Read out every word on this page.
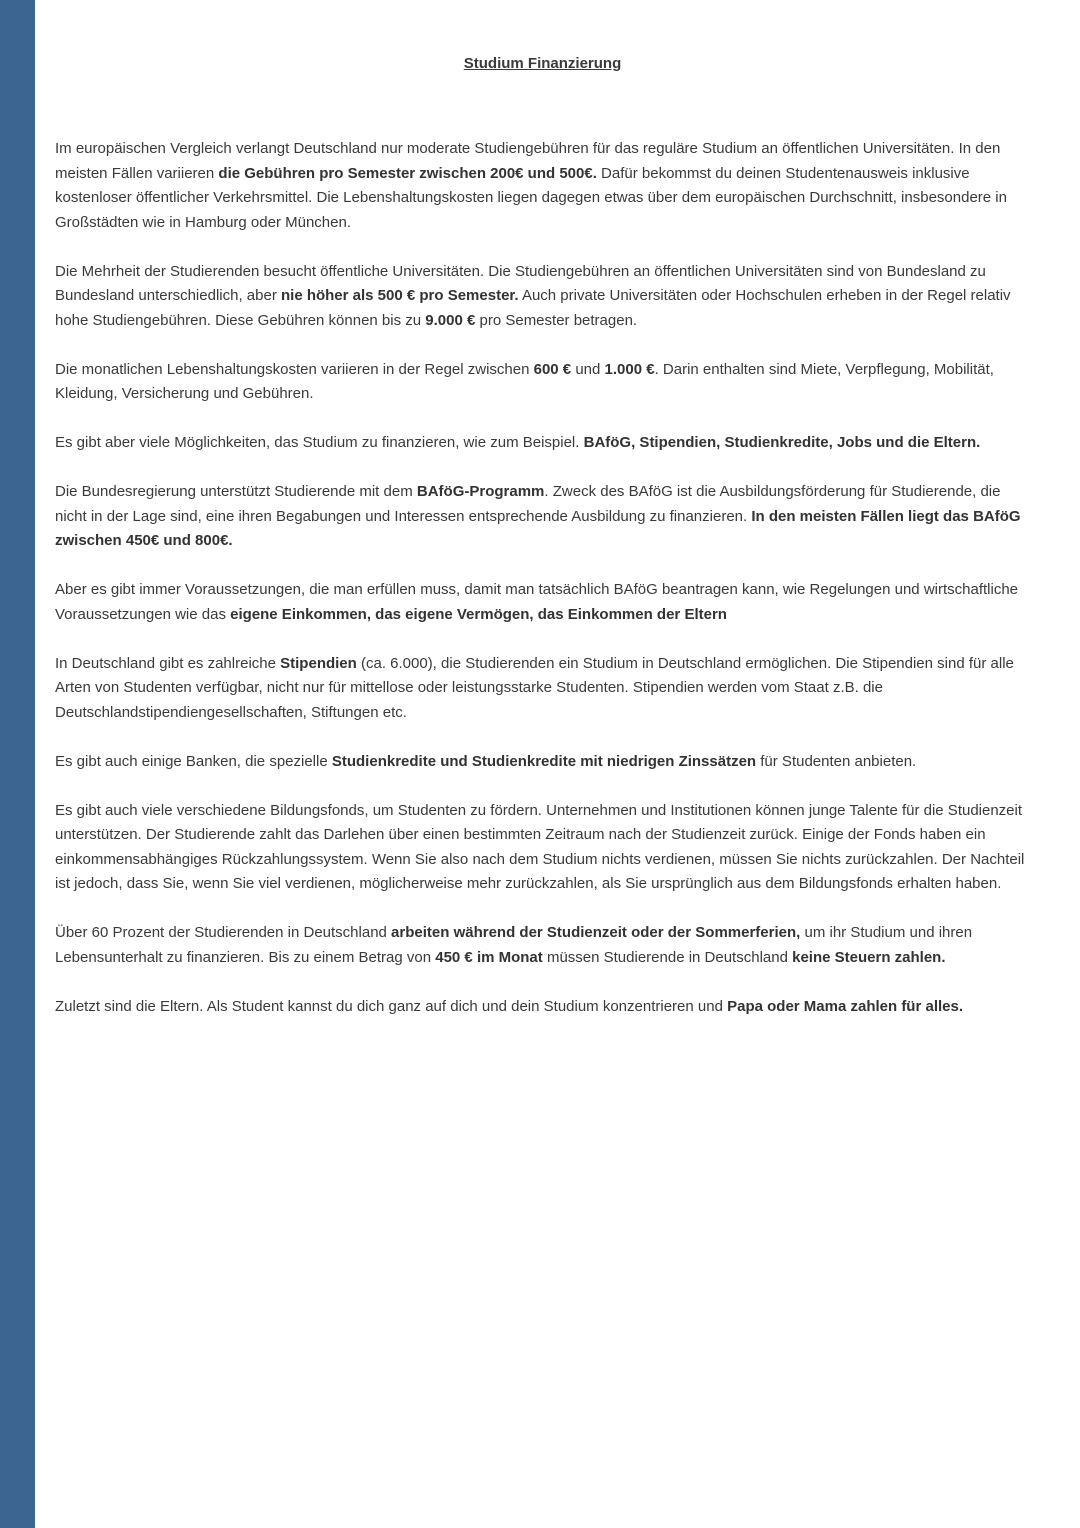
Studium Finanzierung

Im europäischen Vergleich verlangt Deutschland nur moderate Studiengebühren für das reguläre Studium an öffentlichen Universitäten. In den meisten Fällen variieren die Gebühren pro Semester zwischen 200€ und 500€. Dafür bekommst du deinen Studentenausweis inklusive kostenloser öffentlicher Verkehrsmittel. Die Lebenshaltungskosten liegen dagegen etwas über dem europäischen Durchschnitt, insbesondere in Großstädten wie in Hamburg oder München.

Die Mehrheit der Studierenden besucht öffentliche Universitäten. Die Studiengebühren an öffentlichen Universitäten sind von Bundesland zu Bundesland unterschiedlich, aber nie höher als 500 € pro Semester. Auch private Universitäten oder Hochschulen erheben in der Regel relativ hohe Studiengebühren. Diese Gebühren können bis zu 9.000 € pro Semester betragen.

Die monatlichen Lebenshaltungskosten variieren in der Regel zwischen 600 € und 1.000 €. Darin enthalten sind Miete, Verpflegung, Mobilität, Kleidung, Versicherung und Gebühren.

Es gibt aber viele Möglichkeiten, das Studium zu finanzieren, wie zum Beispiel. BAföG, Stipendien, Studienkredite, Jobs und die Eltern.

Die Bundesregierung unterstützt Studierende mit dem BAföG-Programm. Zweck des BAföG ist die Ausbildungsförderung für Studierende, die nicht in der Lage sind, eine ihren Begabungen und Interessen entsprechende Ausbildung zu finanzieren. In den meisten Fällen liegt das BAföG zwischen 450€ und 800€.

Aber es gibt immer Voraussetzungen, die man erfüllen muss, damit man tatsächlich BAföG beantragen kann, wie Regelungen und wirtschaftliche Voraussetzungen wie das eigene Einkommen, das eigene Vermögen, das Einkommen der Eltern

In Deutschland gibt es zahlreiche Stipendien (ca. 6.000), die Studierenden ein Studium in Deutschland ermöglichen. Die Stipendien sind für alle Arten von Studenten verfügbar, nicht nur für mittellose oder leistungsstarke Studenten. Stipendien werden vom Staat z.B. die Deutschlandstipendiengesellschaften, Stiftungen etc.

Es gibt auch einige Banken, die spezielle Studienkredite und Studienkredite mit niedrigen Zinssätzen für Studenten anbieten.

Es gibt auch viele verschiedene Bildungsfonds, um Studenten zu fördern. Unternehmen und Institutionen können junge Talente für die Studienzeit unterstützen. Der Studierende zahlt das Darlehen über einen bestimmten Zeitraum nach der Studienzeit zurück. Einige der Fonds haben ein einkommensabhängiges Rückzahlungssystem. Wenn Sie also nach dem Studium nichts verdienen, müssen Sie nichts zurückzahlen. Der Nachteil ist jedoch, dass Sie, wenn Sie viel verdienen, möglicherweise mehr zurückzahlen, als Sie ursprünglich aus dem Bildungsfonds erhalten haben.

Über 60 Prozent der Studierenden in Deutschland arbeiten während der Studienzeit oder der Sommerferien, um ihr Studium und ihren Lebensunterhalt zu finanzieren. Bis zu einem Betrag von 450 € im Monat müssen Studierende in Deutschland keine Steuern zahlen.

Zuletzt sind die Eltern. Als Student kannst du dich ganz auf dich und dein Studium konzentrieren und Papa oder Mama zahlen für alles.
